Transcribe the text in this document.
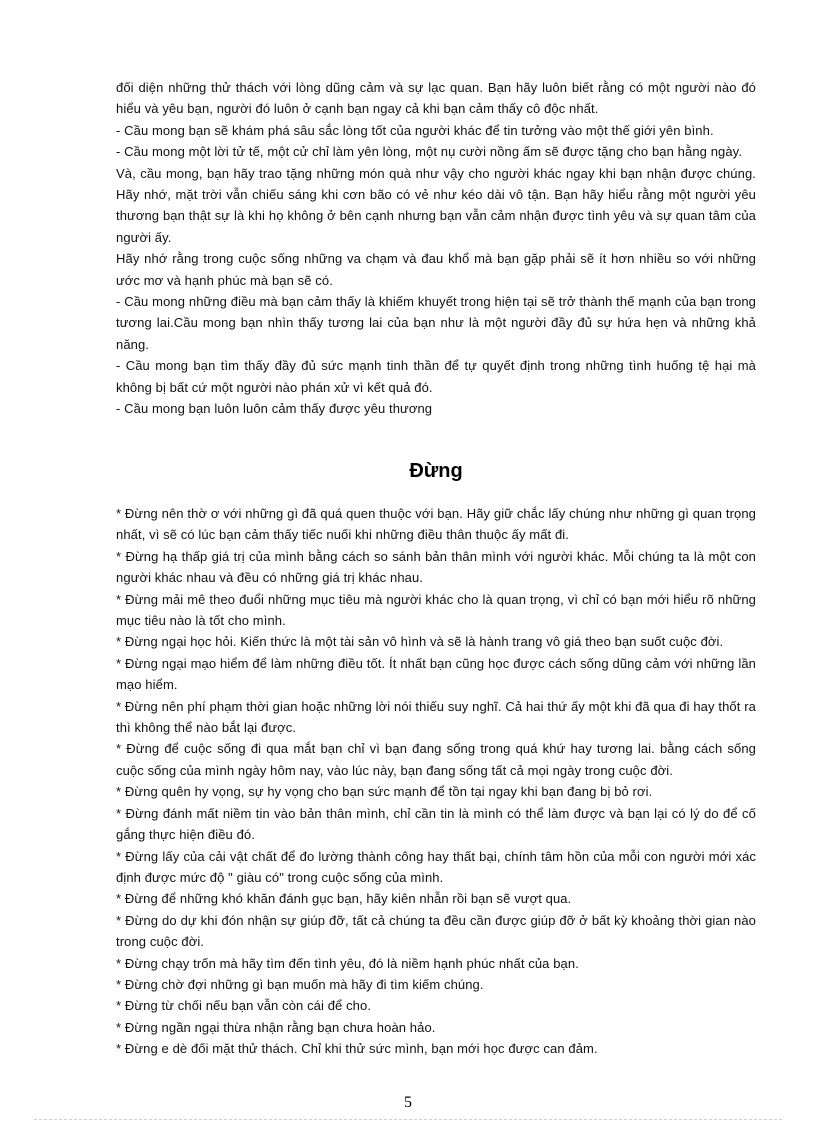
đối diện những thử thách với lòng dũng cảm và sự lạc quan. Bạn hãy luôn biết rằng có một người nào đó hiểu và yêu bạn, người đó luôn ở cạnh bạn ngay cả khi bạn cảm thấy cô độc nhất.

- Cầu mong bạn sẽ khám phá sâu sắc lòng tốt của người khác để tin tưởng vào một thế giới yên bình.

- Cầu mong một lời tử tế, một cử chỉ làm yên lòng, một nụ cười nồng ấm sẽ được tặng cho bạn hằng ngày.

Và, cầu mong, bạn hãy trao tặng những món quà như vậy cho người khác ngay khi bạn nhận được chúng. Hãy nhớ, mặt trời vẫn chiếu sáng khi cơn bão có vẻ như kéo dài vô tận. Bạn hãy hiểu rằng một người yêu thương bạn thật sự là khi họ không ở bên cạnh nhưng bạn vẫn cảm nhận được tình yêu và sự quan tâm của người ấy.

Hãy nhớ rằng trong cuộc sống những va chạm và đau khổ mà bạn gặp phải sẽ ít hơn nhiều so với những ước mơ và hạnh phúc mà bạn sẽ có.

- Cầu mong những điều mà bạn cảm thấy là khiếm khuyết trong hiện tại sẽ trở thành thế mạnh của bạn trong tương lai.Cầu mong bạn nhìn thấy tương lai của bạn như là một người đầy đủ sự hứa hẹn và những khả năng.

- Cầu mong bạn tìm thấy đầy đủ sức mạnh tinh thần để tự quyết định trong những tình huống tệ hại mà không bị bất cứ một người nào phán xử vì kết quả đó.

- Cầu mong bạn luôn luôn cảm thấy được yêu thương

Đừng

* Đừng nên thờ ơ với những gì đã quá quen thuộc với bạn. Hãy giữ chắc lấy chúng như những gì quan trọng nhất, vì sẽ có lúc bạn cảm thấy tiếc nuối khi những điều thân thuộc ấy mất đi.

* Đừng hạ thấp giá trị của mình bằng cách so sánh bản thân mình với người khác. Mỗi chúng ta là một con người khác nhau và đều có những giá trị khác nhau.

* Đừng mải mê theo đuổi những mục tiêu mà người khác cho là quan trọng, vì chỉ có bạn mới hiểu rõ những mục tiêu nào là tốt cho mình.

* Đừng ngại học hỏi. Kiến thức là một tài sản vô hình và sẽ là hành trang vô giá theo bạn suốt cuộc đời.

* Đừng ngại mạo hiểm để làm những điều tốt. Ít nhất bạn cũng học được cách sống dũng cảm với những lần mạo hiểm.

* Đừng nên phí phạm thời gian hoặc những lời nói thiếu suy nghĩ. Cả hai thứ ấy một khi đã qua đi hay thốt ra thì không thể nào bắt lại được.

* Đừng để cuộc sống đi qua mắt bạn chỉ vì bạn đang sống trong quá khứ hay tương lai. bằng cách sống cuộc sống của mình ngày hôm nay, vào lúc này, bạn đang sống tất cả mọi ngày trong cuộc đời.

* Đừng quên hy vọng, sự hy vọng cho bạn sức mạnh để tồn tại ngay khi bạn đang bị bỏ rơi.

* Đừng đánh mất niềm tin vào bản thân mình, chỉ cần tin là mình có thể làm được và bạn lại có lý do để cố gắng thực hiện điều đó.

* Đừng lấy của cải vật chất để đo lường thành công hay thất bại, chính tâm hồn của mỗi con người mới xác định được mức độ " giàu có" trong cuộc sống của mình.

* Đừng để những khó khăn đánh gục bạn, hãy kiên nhẫn rồi bạn sẽ vượt qua.

* Đừng do dự khi đón nhận sự giúp đỡ, tất cả chúng ta đều cần được giúp đỡ ở bất kỳ khoảng thời gian nào trong cuộc đời.

* Đừng chạy trốn mà hãy tìm đến tình yêu, đó là niềm hạnh phúc nhất của bạn.

* Đừng chờ đợi những gì bạn muốn mà hãy đi tìm kiếm chúng.

* Đừng từ chối nếu bạn vẫn còn cái để cho.

* Đừng ngần ngại thừa nhận rằng bạn chưa hoàn hảo.

* Đừng e dè đối mặt thử thách. Chỉ khi thử sức mình, bạn mới học được can đảm.

5
